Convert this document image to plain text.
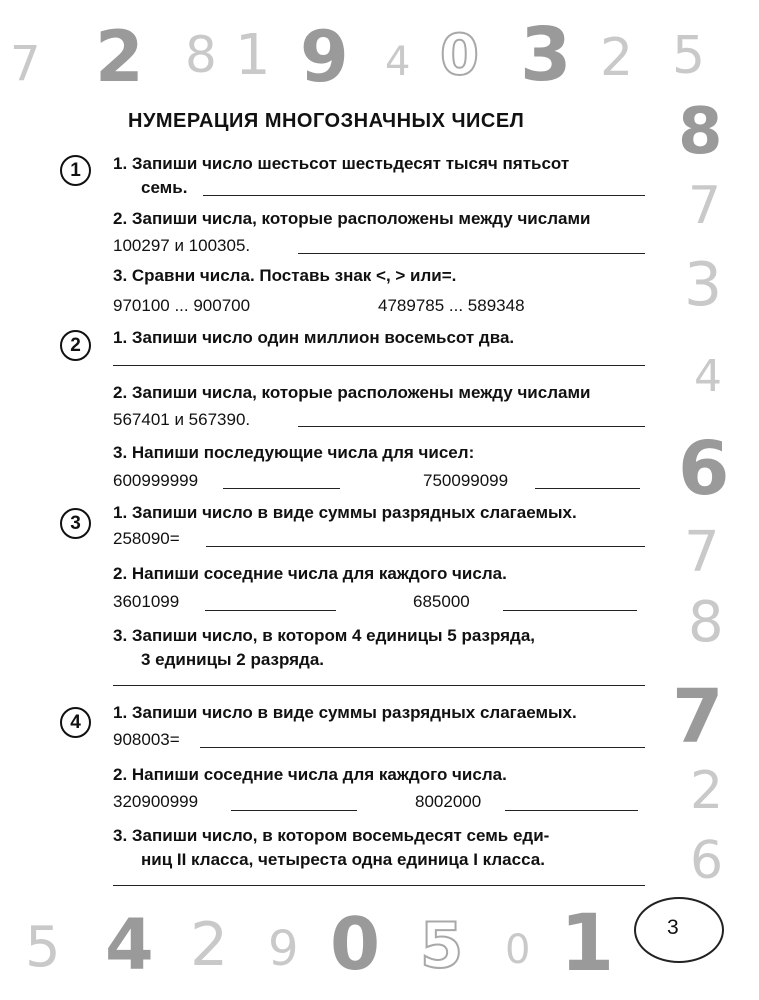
7 2 8 1 9 4 0 3 2 5
8
7
3
4
6
7
8
7
2
6
5 4 2 9 0 5 0 1
НУМЕРАЦИЯ МНОГОЗНАЧНЫХ ЧИСЕЛ
1	1. Запиши число шестьсот шестьдесят тысяч пятьсот
семь.
2. Запиши числа, которые расположены между числами
100297 и 100305.
3. Сравни числа. Поставь знак <, > или=.
970100 ... 900700	4789785 ... 589348
2	1. Запиши число один миллион восемьсот два.
2. Запиши числа, которые расположены между числами
567401 и 567390.
3. Напиши последующие числа для чисел:
600999999	750099099
3
1. Запиши число в виде суммы разрядных слагаемых.
258090=
2. Напиши соседние числа для каждого числа.
3601099	685000
3. Запиши число, в котором 4 единицы 5 разряда,
3 единицы 2 разряда.
4	1. Запиши число в виде суммы разрядных слагаемых.
908003=
2. Напиши соседние числа для каждого числа.
320900999	8002000
3. Запиши число, в котором восемьдесят семь еди-
ниц II класса, четыреста одна единица I класса.
3
